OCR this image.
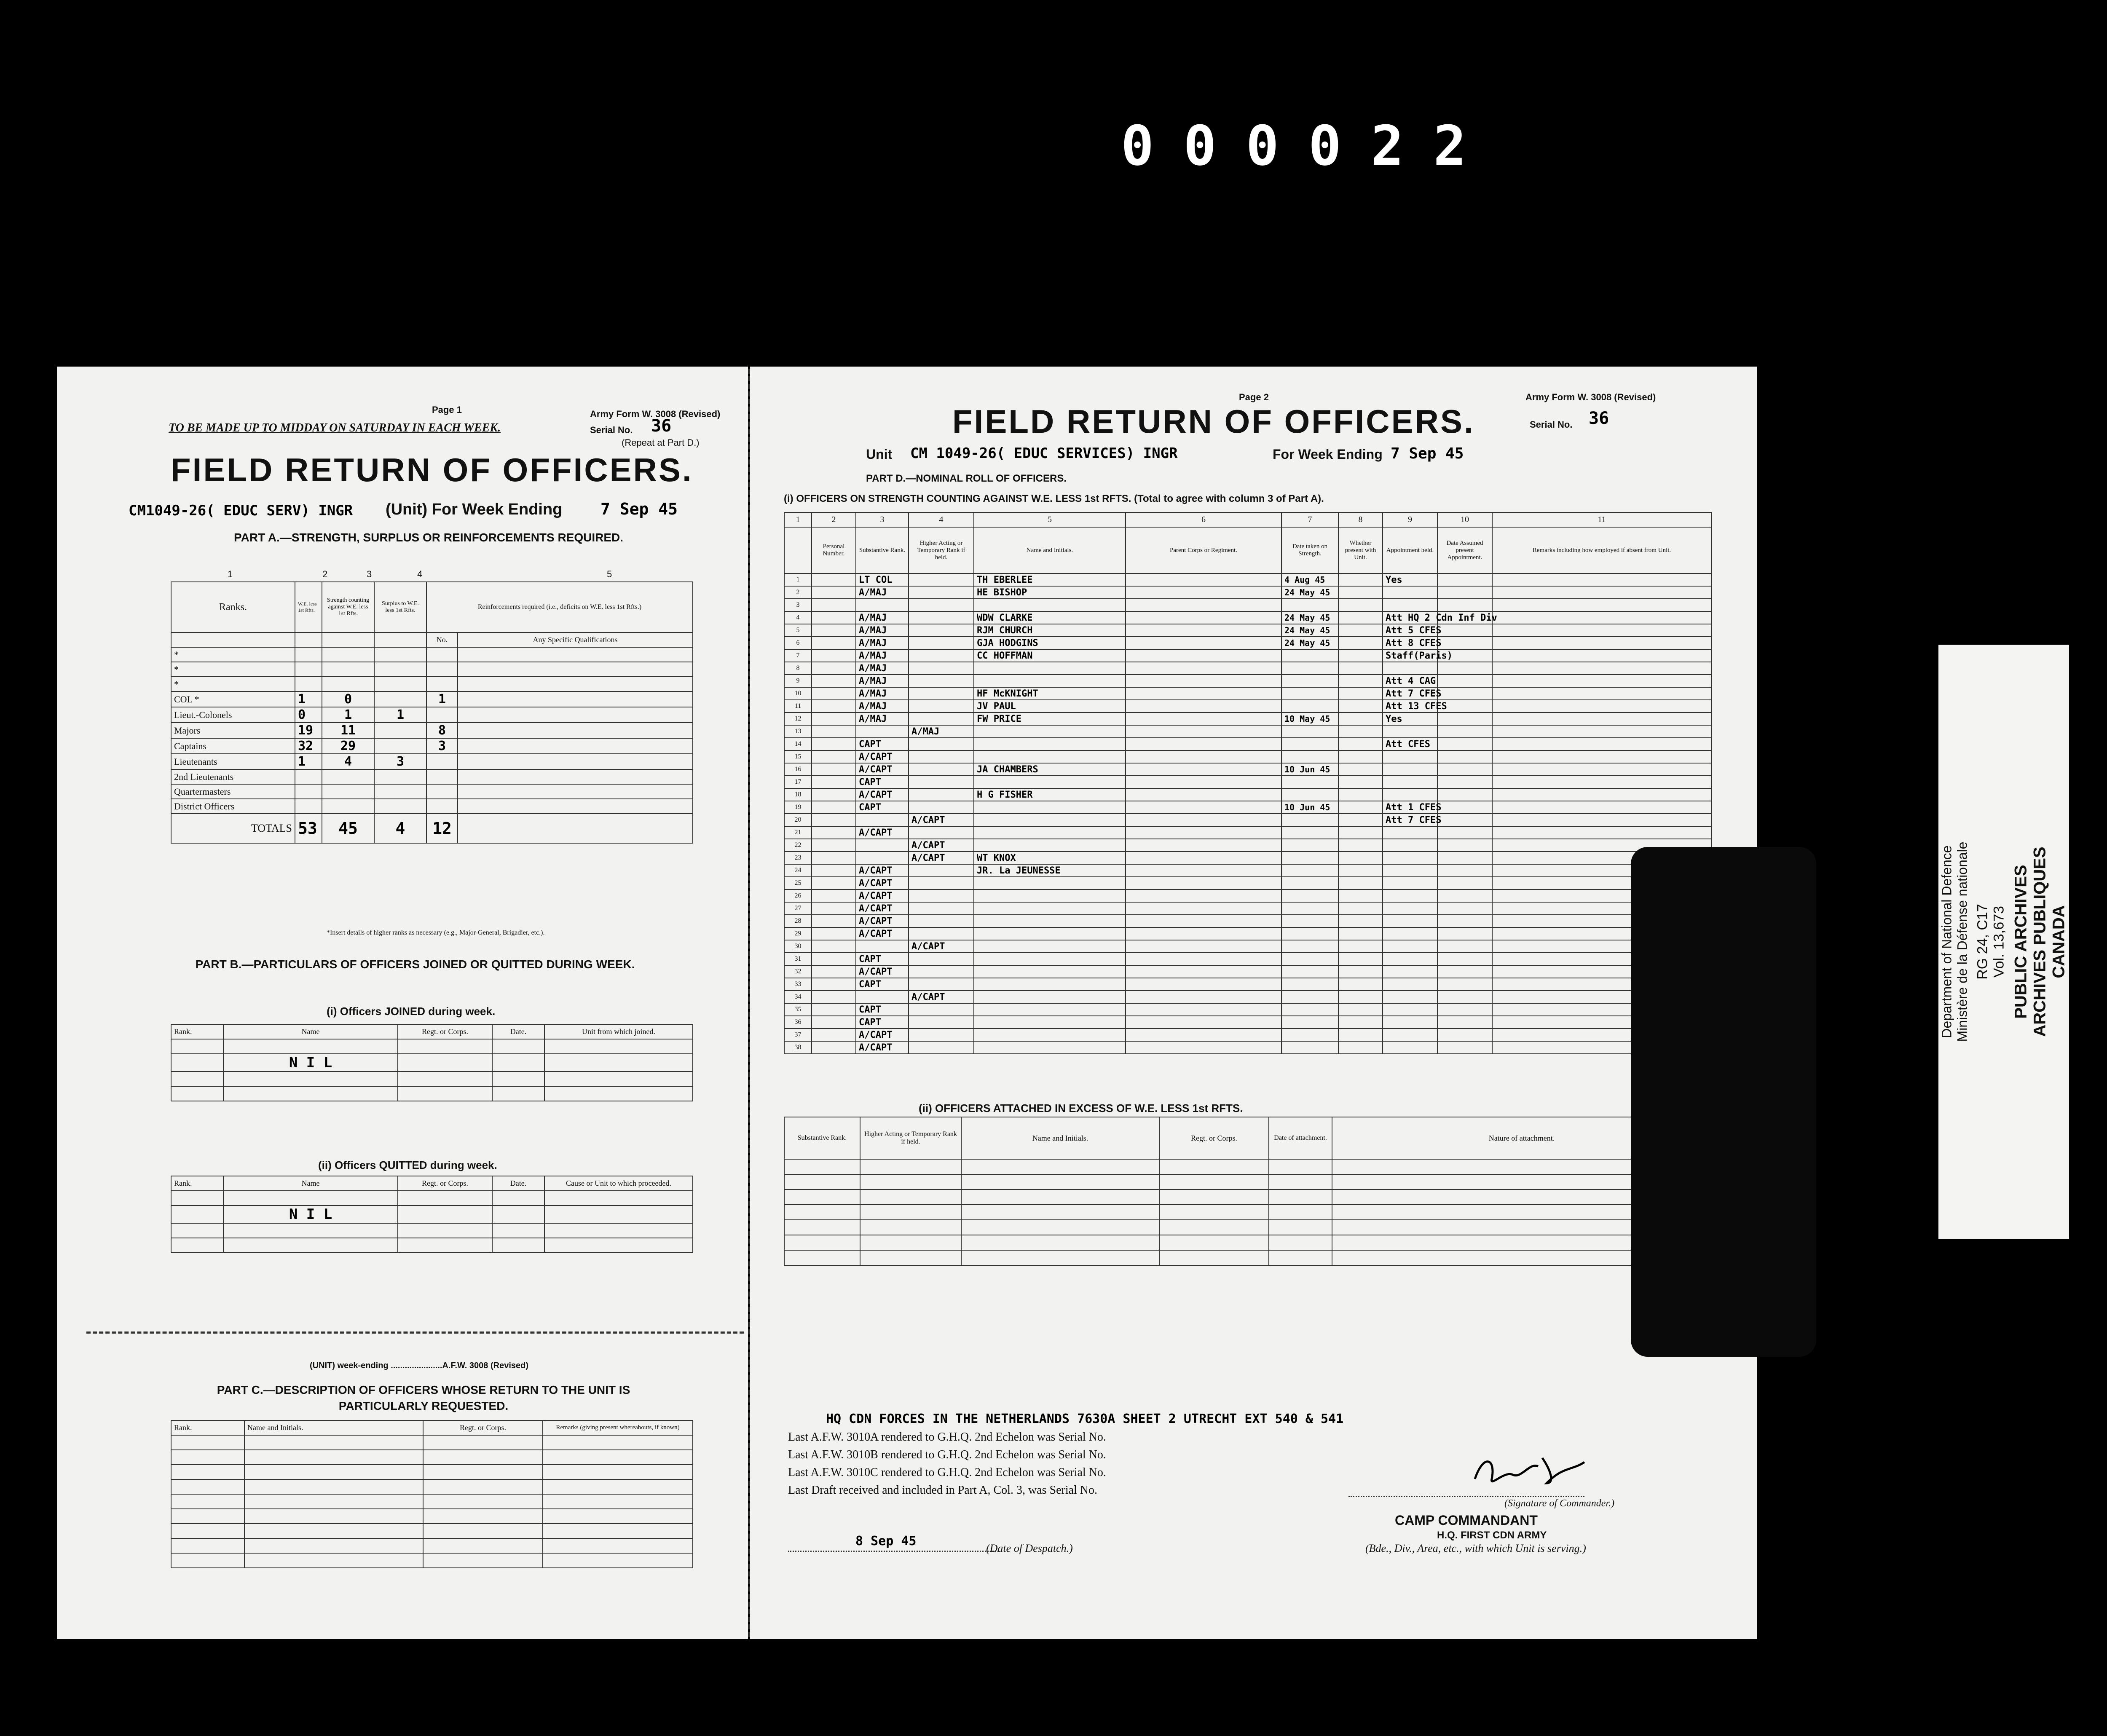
000022
Page 1
TO BE MADE UP TO MIDDAY ON SATURDAY IN EACH WEEK.
Army Form W. 3008 (Revised)
Serial No. 36
(Repeat at Part D.)
FIELD RETURN OF OFFICERS.
CM1049-26( EDUC SERV) INGR (Unit) For Week Ending 7 Sep 45
PART A.—STRENGTH, SURPLUS OR REINFORCEMENTS REQUIRED.
1	2	3	4	5
Ranks.	W.E. less 1st Rfts.	Strength counting against W.E. less 1st Rfts.	Surplus to W.E. less 1st Rfts.	Reinforcements required (i.e., deficits on W.E. less 1st Rfts.)	
				No.	Any Specific Qualifications
*					
*					
*					
COL *	1	0		1	
Lieut.-Colonels	0	1	1		
Majors	19	11		8	
Captains	32	29		3	
Lieutenants	1	4	3		
2nd Lieutenants					
Quartermasters					
District Officers					
TOTALS	53	45	4	12	
*Insert details of higher ranks as necessary (e.g., Major-General, Brigadier, etc.).
PART B.—PARTICULARS OF OFFICERS JOINED OR QUITTED DURING WEEK.
(i) Officers JOINED during week.
Rank.	Name	Regt. or Corps.	Date.	Unit from which joined.

	N I L			

(ii) Officers QUITTED during week.
Rank.	Name	Regt. or Corps.	Date.	Cause or Unit to which proceeded.

	N I L			

(UNIT) week-ending ......................A.F.W. 3008 (Revised)
PART C.—DESCRIPTION OF OFFICERS WHOSE RETURN TO THE UNIT IS PARTICULARLY REQUESTED.
Rank.	Name and Initials.	Regt. or Corps.	Remarks (giving present whereabouts, if known)

Page 2	Army Form W. 3008 (Revised)
FIELD RETURN OF OFFICERS.	Serial No. 36
Unit CM 1049-26( EDUC SERVICES) INGR	For Week Ending 7 Sep 45
PART D.—NOMINAL ROLL OF OFFICERS.
(i) OFFICERS ON STRENGTH COUNTING AGAINST W.E. LESS 1st RFTS. (Total to agree with column 3 of Part A).
1	2	3	4	5	6	7	8	9	10	11
	Personal Number.	Substantive Rank.	Higher Acting or Temporary Rank if held.	Name and Initials.	Parent Corps or Regiment.	Date taken on Strength.	Whether present with Unit.	Appointment held.	Date Assumed present Appointment.	Remarks including how employed if absent from Unit.
1		LT COL		TH EBERLEE		4 Aug 45		Yes		
2		A/MAJ		HE BISHOP		24 May 45				
3										
4		A/MAJ		WDW CLARKE		24 May 45		Att HQ 2 Cdn Inf Div		
5		A/MAJ		RJM CHURCH		24 May 45		Att 5 CFES		
6		A/MAJ		GJA HODGINS		24 May 45		Att 8 CFES		
7		A/MAJ		CC HOFFMAN				Staff(Paris)		
8		A/MAJ								
9		A/MAJ						Att 4 CAG		
10		A/MAJ		HF McKNIGHT				Att 7 CFES		
11		A/MAJ		JV PAUL				Att 13 CFES		
12		A/MAJ		FW PRICE		10 May 45		Yes		
13			A/MAJ							
14		CAPT						Att CFES		
15		A/CAPT								
16		A/CAPT		JA CHAMBERS		10 Jun 45				
17		CAPT								
18		A/CAPT		H G FISHER						
19		CAPT				10 Jun 45		Att 1 CFES		
20			A/CAPT					Att 7 CFES		
21		A/CAPT								
22			A/CAPT							
23			A/CAPT	WT KNOX						
24		A/CAPT		JR. La JEUNESSE						
25		A/CAPT								
26		A/CAPT								
27		A/CAPT								
28		A/CAPT								
29		A/CAPT								
30			A/CAPT							
31		CAPT								
32		A/CAPT								
33		CAPT								
34			A/CAPT							
35		CAPT								
36		CAPT								
37		A/CAPT								
38		A/CAPT								
(ii) OFFICERS ATTACHED IN EXCESS OF W.E. LESS 1st RFTS.
Substantive Rank.	Higher Acting or Temporary Rank if held.	Name and Initials.	Regt. or Corps.	Date of attachment.	Nature of attachment.

HQ CDN FORCES IN THE NETHERLANDS 7630A SHEET 2 UTRECHT EXT 540 & 541
Last A.F.W. 3010A rendered to G.H.Q. 2nd Echelon was Serial No.
Last A.F.W. 3010B rendered to G.H.Q. 2nd Echelon was Serial No.
Last A.F.W. 3010C rendered to G.H.Q. 2nd Echelon was Serial No.
Last Draft received and included in Part A, Col. 3, was Serial No.
(Signature of Commander.)
CAMP COMMANDANT
H.Q. FIRST CDN ARMY
8 Sep 45	(Date of Despatch.)	(Bde., Div., Area, etc., with which Unit is serving.)
Department of National Defence Ministère de la Défense nationale RG 24, C17 Vol. 13,673 PUBLIC ARCHIVES ARCHIVES PUBLIQUES CANADA
